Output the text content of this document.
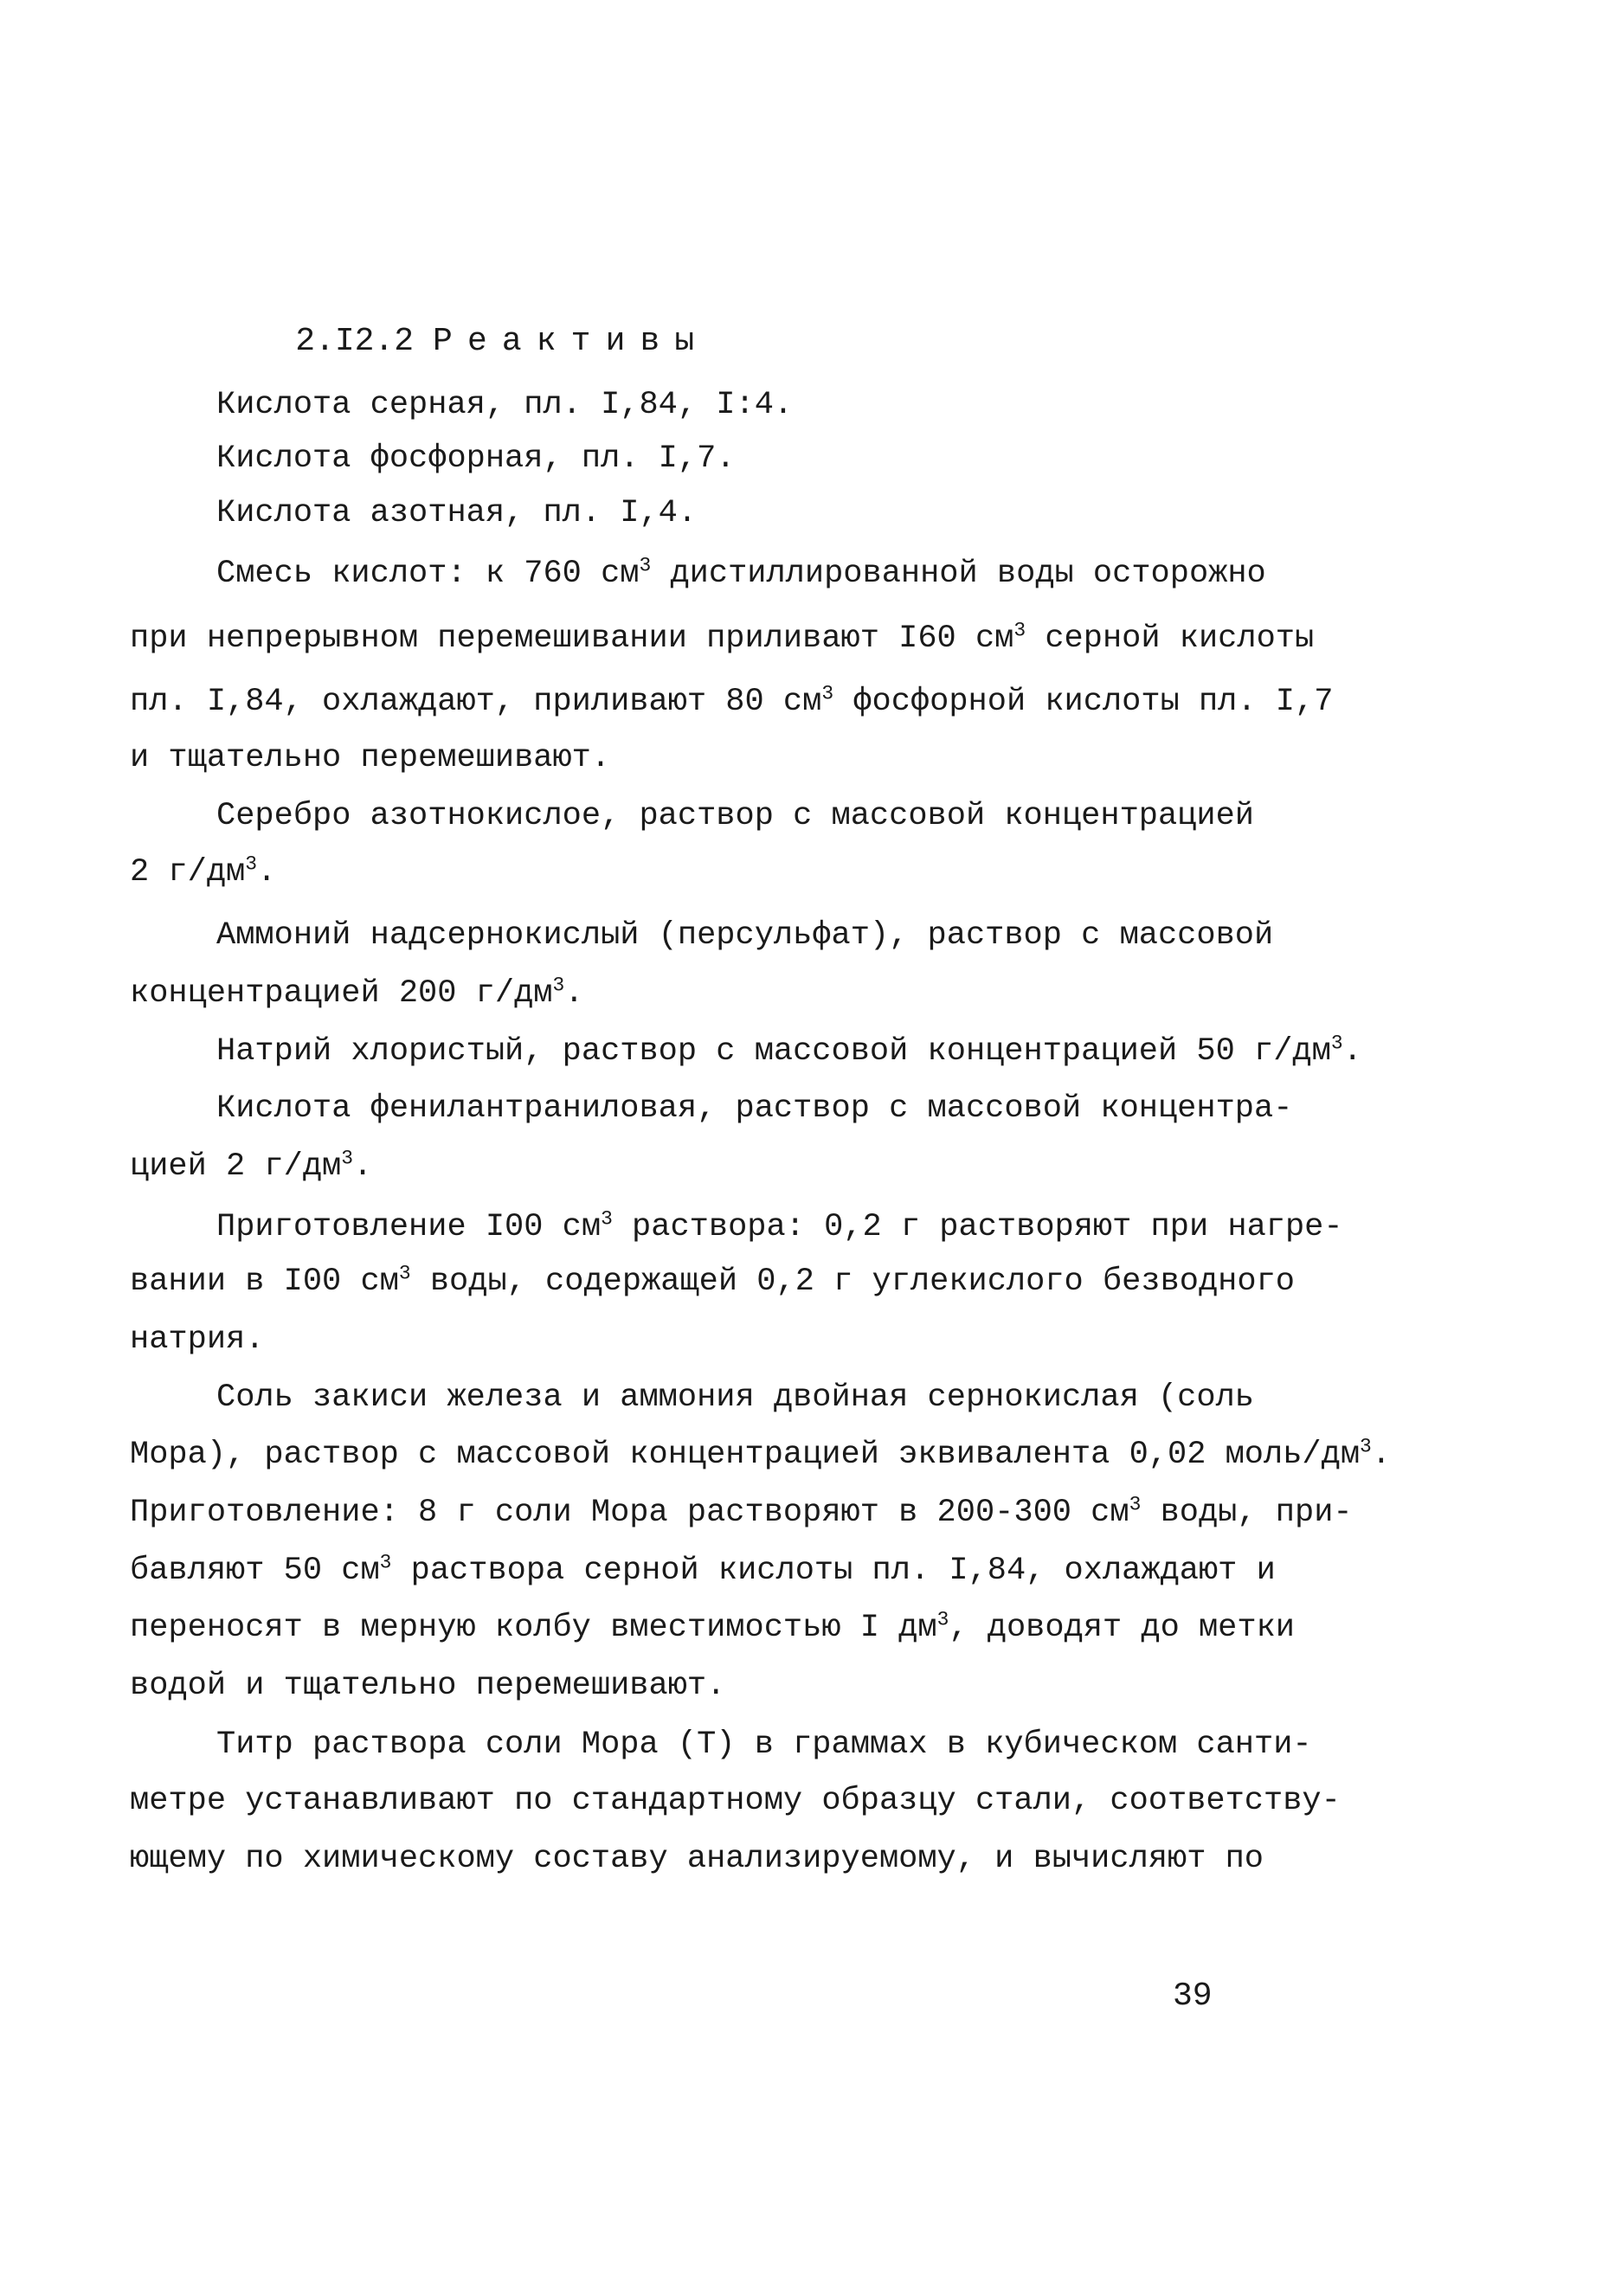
2.I2.2 Реактивы

Кислота серная, пл. I,84, I:4.
Кислота фосфорная, пл. I,7.
Кислота азотная, пл. I,4.
Смесь кислот: к 760 $см^3$ дистиллированной воды осторожно
при непрерывном перемешивании приливают I60 $см^3$ серной кислоты
пл. I,84, охлаждают, приливают 80 $см^3$ фосфорной кислоты пл. I,7
и тщательно перемешивают.
Серебро азотнокислое, раствор с массовой концентрацией
2 $г/дм^3$.
Аммоний надсернокислый (персульфат), раствор с массовой
концентрацией 200 $г/дм^3$.
Натрий хлористый, раствор с массовой концентрацией 50 $г/дм^3$.
Кислота фенилантраниловая, раствор с массовой концентра-
цией 2 $г/дм^3$.
Приготовление I00 $см^3$ раствора: 0,2 г растворяют при нагре-
вании в I00 $см^3$ воды, содержащей 0,2 г углекислого безводного
натрия.
Соль закиси железа и аммония двойная сернокислая (соль
Мора), раствор с массовой концентрацией эквивалента 0,02 моль/$дм^3$.
Приготовление: 8 г соли Мора растворяют в 200-300 $см^3$ воды, при-
бавляют 50 $см^3$ раствора серной кислоты пл. I,84, охлаждают и
переносят в мерную колбу вместимостью I $дм^3$, доводят до метки
водой и тщательно перемешивают.
Титр раствора соли Мора (Т) в граммах в кубическом санти-
метре устанавливают по стандартному образцу стали, соответству-
ющему по химическому составу анализируемому, и вычисляют по
39
